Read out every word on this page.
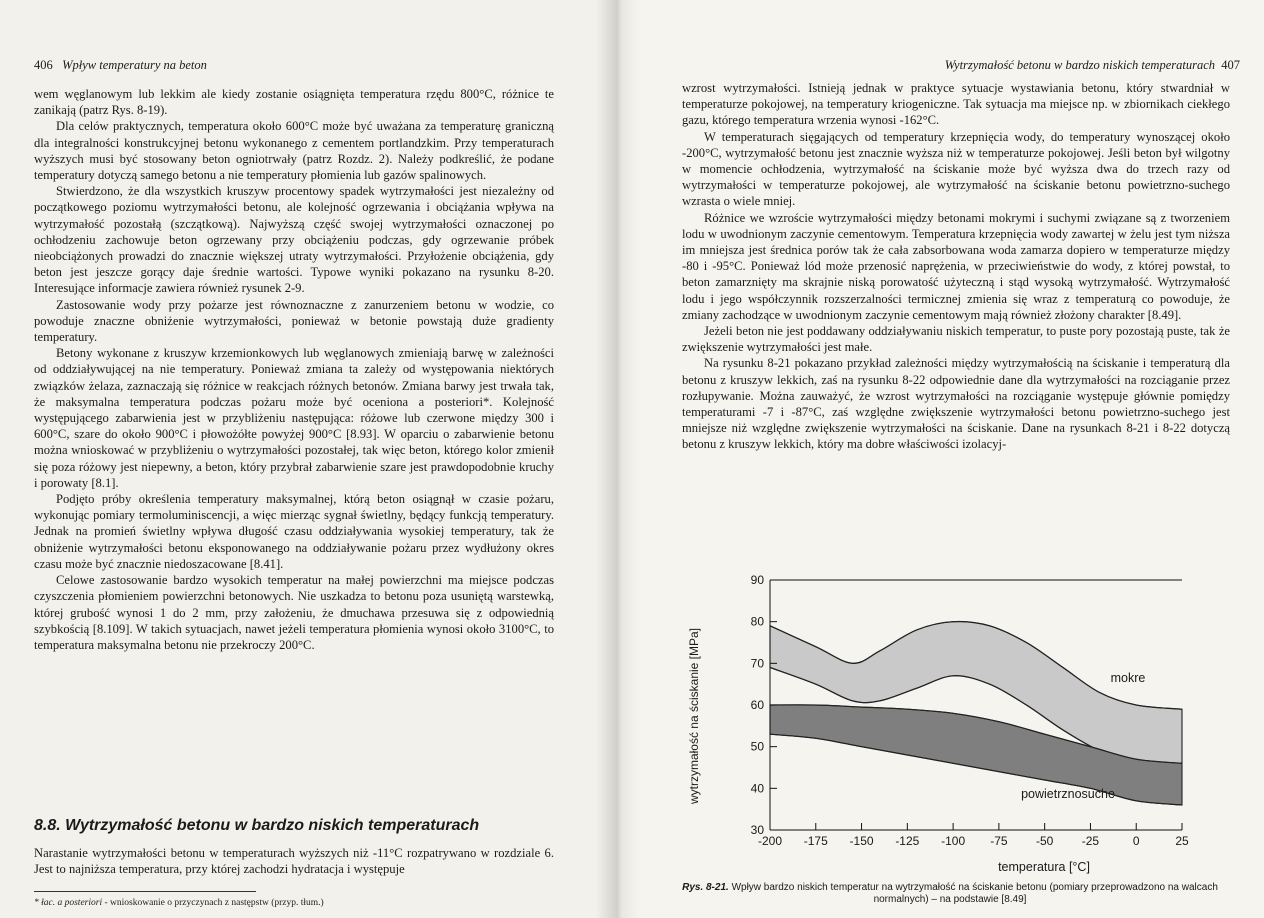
406 Wpływ temperatury na beton

wem węglanowym lub lekkim ale kiedy zostanie osiągnięta temperatura rzędu 800°C, różnice te zanikają (patrz Rys. 8-19).

Dla celów praktycznych, temperatura około 600°C może być uważana za temperaturę graniczną dla integralności konstrukcyjnej betonu wykonanego z cementem portlandzkim. Przy temperaturach wyższych musi być stosowany beton ogniotrwały (patrz Rozdz. 2). Należy podkreślić, że podane temperatury dotyczą samego betonu a nie temperatury płomienia lub gazów spalinowych.

Stwierdzono, że dla wszystkich kruszyw procentowy spadek wytrzymałości jest niezależny od początkowego poziomu wytrzymałości betonu, ale kolejność ogrzewania i obciążania wpływa na wytrzymałość pozostałą (szczątkową). Najwyższą część swojej wytrzymałości oznaczonej po ochłodzeniu zachowuje beton ogrzewany przy obciążeniu podczas, gdy ogrzewanie próbek nieobciążonych prowadzi do znacznie większej utraty wytrzymałości. Przyłożenie obciążenia, gdy beton jest jeszcze gorący daje średnie wartości. Typowe wyniki pokazano na rysunku 8-20. Interesujące informacje zawiera również rysunek 2-9.

Zastosowanie wody przy pożarze jest równoznaczne z zanurzeniem betonu w wodzie, co powoduje znaczne obniżenie wytrzymałości, ponieważ w betonie powstają duże gradienty temperatury.

Betony wykonane z kruszyw krzemionkowych lub węglanowych zmieniają barwę w zależności od oddziaływującej na nie temperatury. Ponieważ zmiana ta zależy od występowania niektórych związków żelaza, zaznaczają się różnice w reakcjach różnych betonów. Zmiana barwy jest trwała tak, że maksymalna temperatura podczas pożaru może być oceniona a posteriori*. Kolejność występującego zabarwienia jest w przybliżeniu następująca: różowe lub czerwone między 300 i 600°C, szare do około 900°C i płowożółte powyżej 900°C [8.93]. W oparciu o zabarwienie betonu można wnioskować w przybliżeniu o wytrzymałości pozostałej, tak więc beton, którego kolor zmienił się poza różowy jest niepewny, a beton, który przybrał zabarwienie szare jest prawdopodobnie kruchy i porowaty [8.1].

Podjęto próby określenia temperatury maksymalnej, którą beton osiągnął w czasie pożaru, wykonując pomiary termoluminiscencji, a więc mierząc sygnał świetlny, będący funkcją temperatury. Jednak na promień świetlny wpływa długość czasu oddziaływania wysokiej temperatury, tak że obniżenie wytrzymałości betonu eksponowanego na oddziaływanie pożaru przez wydłużony okres czasu może być znacznie niedoszacowane [8.41].

Celowe zastosowanie bardzo wysokich temperatur na małej powierzchni ma miejsce podczas czyszczenia płomieniem powierzchni betonowych. Nie uszkadza to betonu poza usuniętą warstewką, której grubość wynosi 1 do 2 mm, przy założeniu, że dmuchawa przesuwa się z odpowiednią szybkością [8.109]. W takich sytuacjach, nawet jeżeli temperatura płomienia wynosi około 3100°C, to temperatura maksymalna betonu nie przekroczy 200°C.

8.8. Wytrzymałość betonu w bardzo niskich temperaturach

Narastanie wytrzymałości betonu w temperaturach wyższych niż -11°C rozpatrywano w rozdziale 6. Jest to najniższa temperatura, przy której zachodzi hydratacja i występuje

* łac. a posteriori - wnioskowanie o przyczynach z następstw (przyp. tłum.)
Wytrzymałość betonu w bardzo niskich temperaturach 407

wzrost wytrzymałości. Istnieją jednak w praktyce sytuacje wystawiania betonu, który stwardniał w temperaturze pokojowej, na temperatury kriogeniczne. Tak sytuacja ma miejsce np. w zbiornikach ciekłego gazu, którego temperatura wrzenia wynosi -162°C.

W temperaturach sięgających od temperatury krzepnięcia wody, do temperatury wynoszącej około -200°C, wytrzymałość betonu jest znacznie wyższa niż w temperaturze pokojowej. Jeśli beton był wilgotny w momencie ochłodzenia, wytrzymałość na ściskanie może być wyższa dwa do trzech razy od wytrzymałości w temperaturze pokojowej, ale wytrzymałość na ściskanie betonu powietrzno-suchego wzrasta o wiele mniej.

Różnice we wzroście wytrzymałości między betonami mokrymi i suchymi związane są z tworzeniem lodu w uwodnionym zaczynie cementowym. Temperatura krzepnięcia wody zawartej w żelu jest tym niższa im mniejsza jest średnica porów tak że cała zabsorbowana woda zamarza dopiero w temperaturze między -80 i -95°C. Ponieważ lód może przenosić naprężenia, w przeciwieństwie do wody, z której powstał, to beton zamarznięty ma skrajnie niską porowatość użyteczną i stąd wysoką wytrzymałość. Wytrzymałość lodu i jego współczynnik rozszerzalności termicznej zmienia się wraz z temperaturą co powoduje, że zmiany zachodzące w uwodnionym zaczynie cementowym mają również złożony charakter [8.49].

Jeżeli beton nie jest poddawany oddziaływaniu niskich temperatur, to puste pory pozostają puste, tak że zwiększenie wytrzymałości jest małe.

Na rysunku 8-21 pokazano przykład zależności między wytrzymałością na ściskanie i temperaturą dla betonu z kruszyw lekkich, zaś na rysunku 8-22 odpowiednie dane dla wytrzymałości na rozciąganie przez rozłupywanie. Można zauważyć, że wzrost wytrzymałości na rozciąganie występuje głównie pomiędzy temperaturami -7 i -87°C, zaś względne zwiększenie wytrzymałości betonu powietrzno-suchego jest mniejsze niż względne zwiększenie wytrzymałości na ściskanie. Dane na rysunkach 8-21 i 8-22 dotyczą betonu z kruszyw lekkich, który ma dobre właściwości izolacyj-

30
40
50
60
70
80
90
-200 -175 -150 -125 -100 -75 -50 -25	0	25
wytrzymałość na ściskanie [MPa]
temperatura [°C]
mokre
powietrznosuche
Rys. 8-21. Wpływ bardzo niskich temperatur na wytrzymałość na ściskanie betonu (pomiary przeprowadzono na walcach normalnych) – na podstawie [8.49]
